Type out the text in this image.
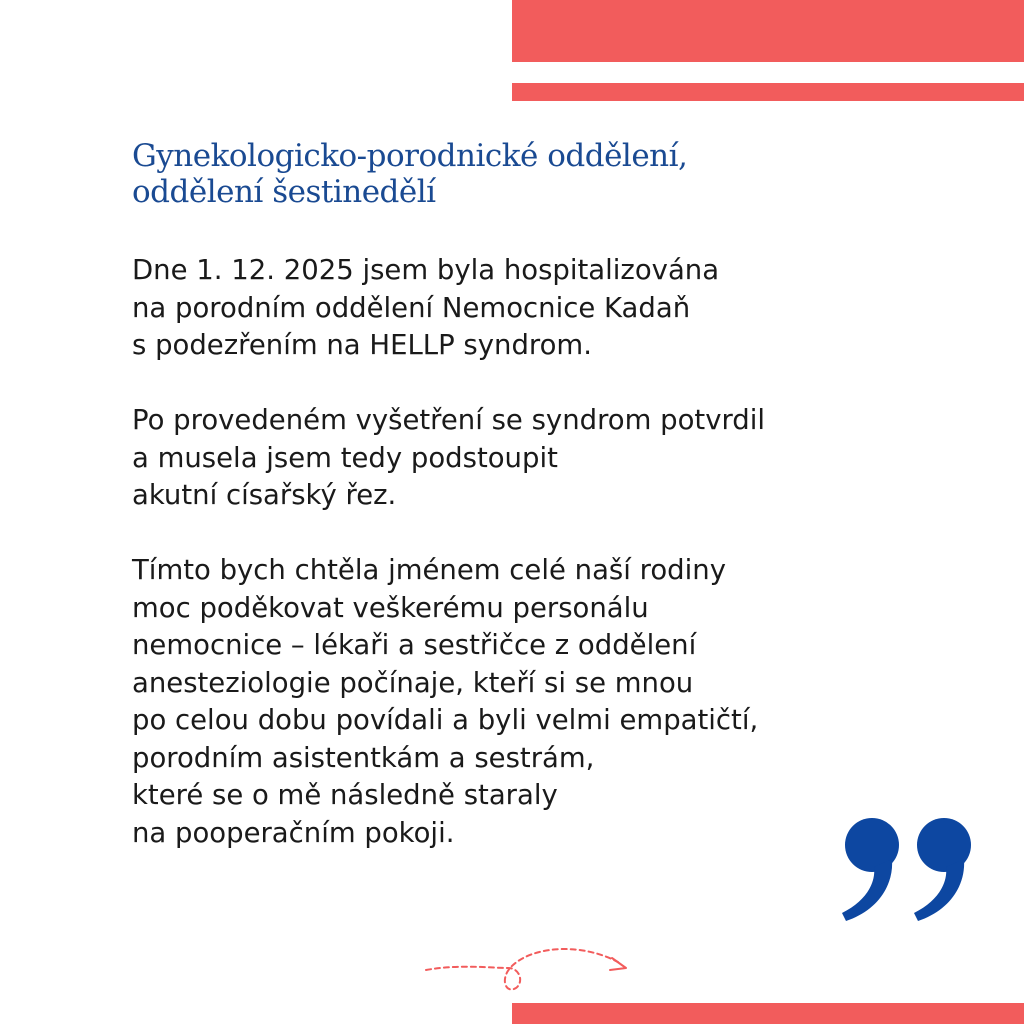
Gynekologicko-porodnické oddělení,
oddělení šestinedělí

Dne 1. 12. 2025 jsem byla hospitalizována
na porodním oddělení Nemocnice Kadaň
s podezřením na HELLP syndrom.

Po provedeném vyšetření se syndrom potvrdil
a musela jsem tedy podstoupit
akutní císařský řez.

Tímto bych chtěla jménem celé naší rodiny
moc poděkovat veškerému personálu
nemocnice – lékaři a sestřičce z oddělení
anesteziologie počínaje, kteří si se mnou
po celou dobu povídali a byli velmi empatičtí,
porodním asistentkám a sestrám,
které se o mě následně staraly
na pooperačním pokoji.
